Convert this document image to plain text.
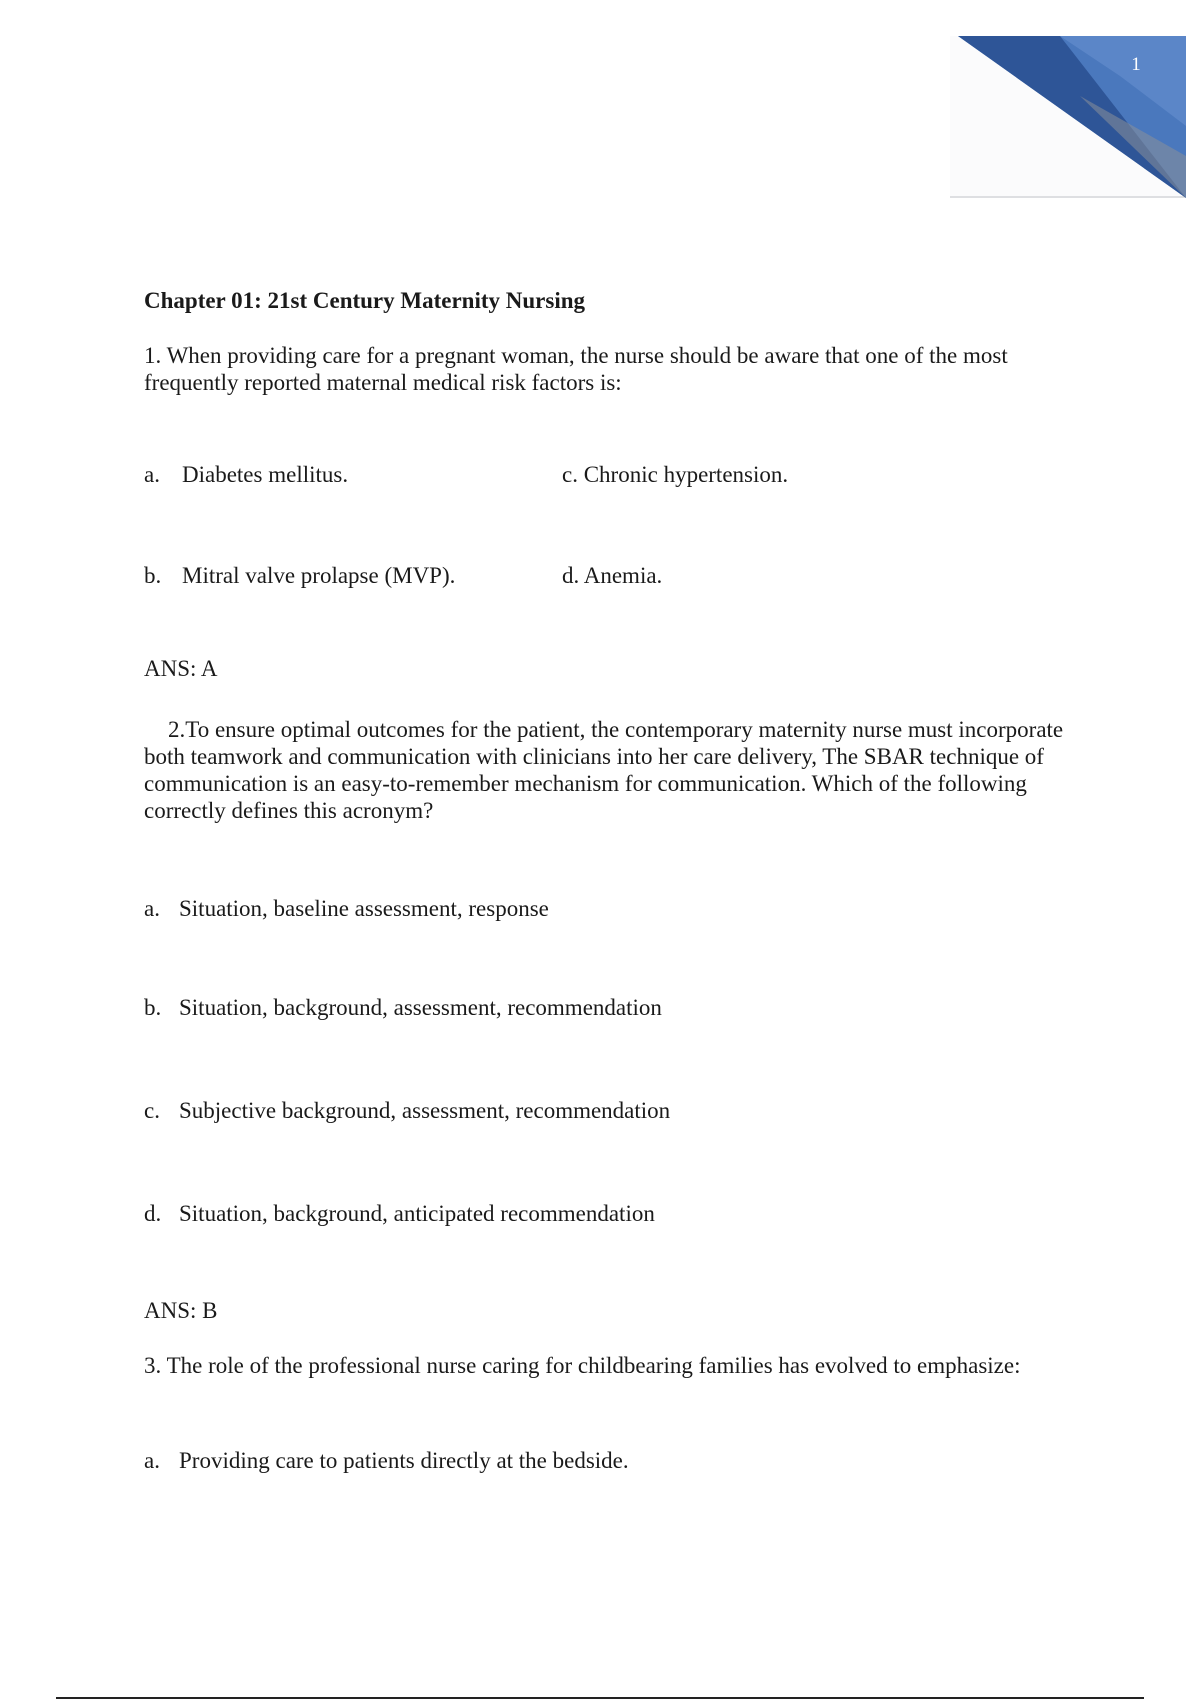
1
Chapter 01: 21st Century Maternity Nursing
1. When providing care for a pregnant woman, the nurse should be aware that one of the most frequently reported maternal medical risk factors is:
a. Diabetes mellitus.	c. Chronic hypertension.
b. Mitral valve prolapse (MVP).	d. Anemia.
ANS: A
2.To ensure optimal outcomes for the patient, the contemporary maternity nurse must incorporate both teamwork and communication with clinicians into her care delivery, The SBAR technique of communication is an easy-to-remember mechanism for communication. Which of the following correctly defines this acronym?
a. Situation, baseline assessment, response
b. Situation, background, assessment, recommendation
c. Subjective background, assessment, recommendation
d. Situation, background, anticipated recommendation
ANS: B
3. The role of the professional nurse caring for childbearing families has evolved to emphasize:
a. Providing care to patients directly at the bedside.
